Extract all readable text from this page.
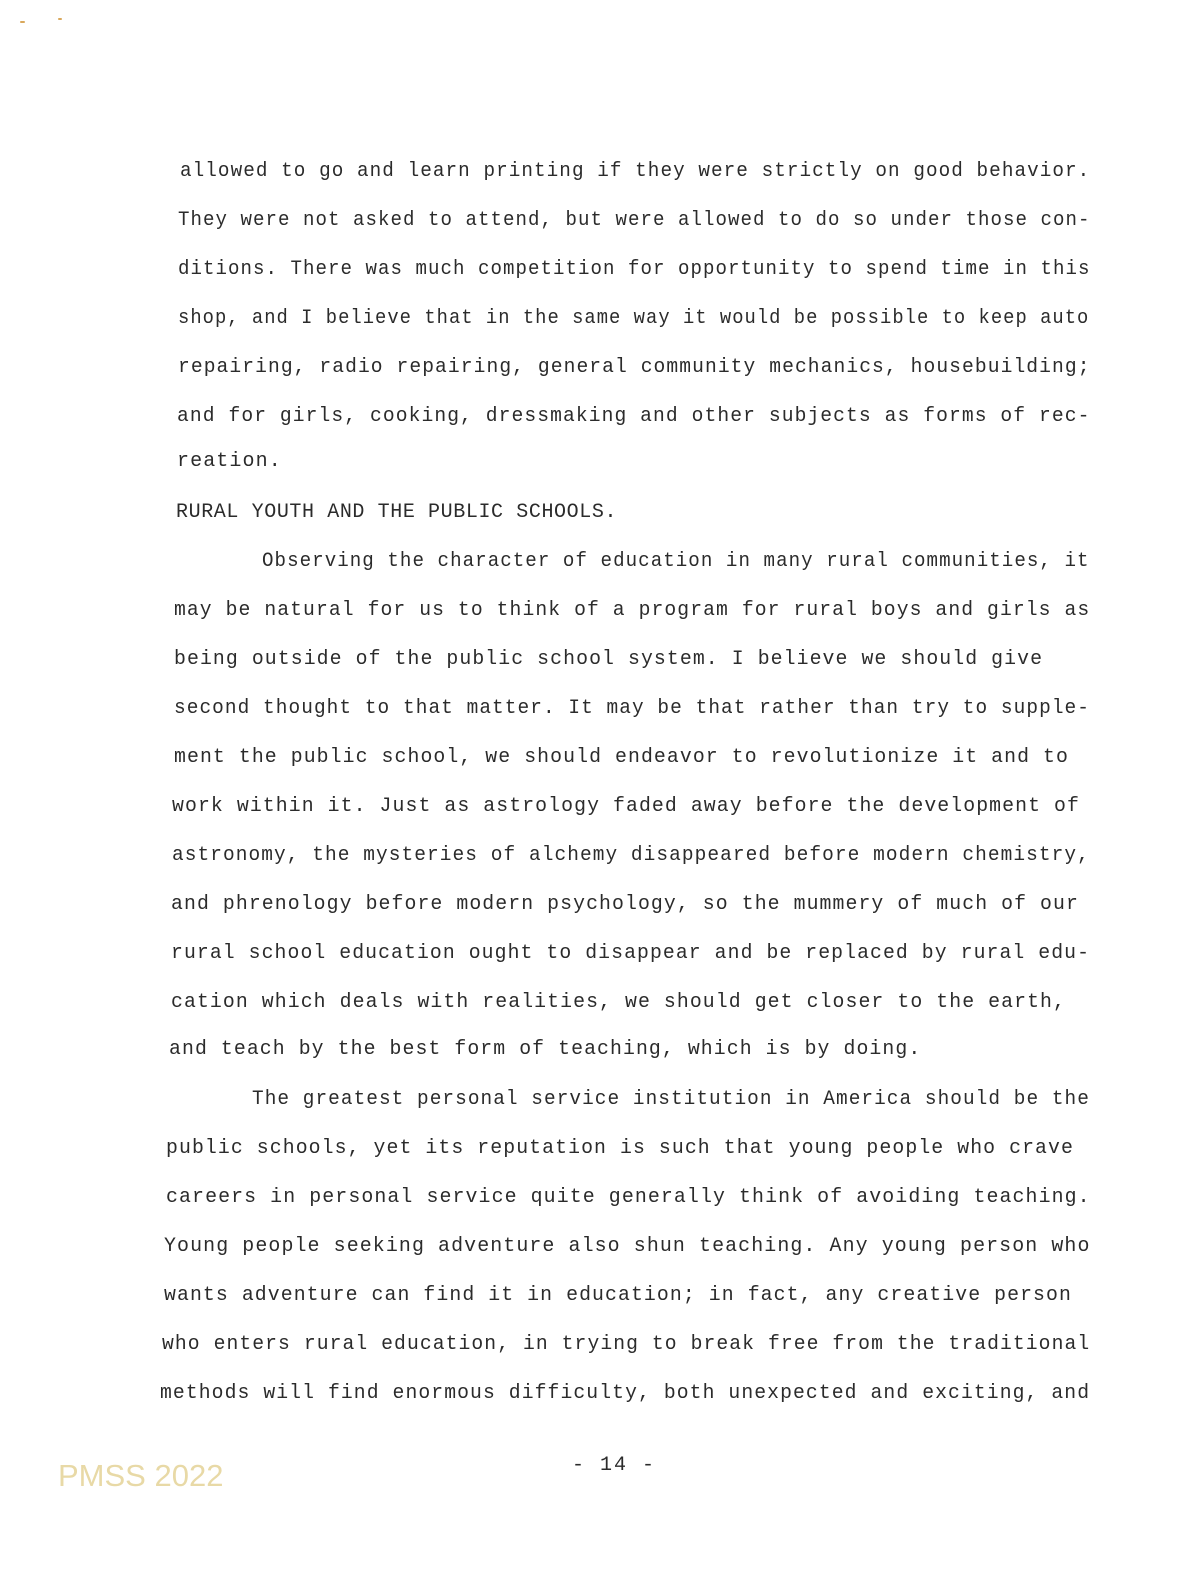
allowed to go and learn printing if they were strictly on good behavior.
They were not asked to attend, but were allowed to do so under those con-
ditions. There was much competition for opportunity to spend time in this
shop, and I believe that in the same way it would be possible to keep auto
repairing, radio repairing, general community mechanics, housebuilding;
and for girls, cooking, dressmaking and other subjects as forms of rec-
reation.
RURAL YOUTH AND THE PUBLIC SCHOOLS.
Observing the character of education in many rural communities, it
may be natural for us to think of a program for rural boys and girls as
being outside of the public school system. I believe we should give
second thought to that matter. It may be that rather than try to supple-
ment the public school, we should endeavor to revolutionize it and to
work within it. Just as astrology faded away before the development of
astronomy, the mysteries of alchemy disappeared before modern chemistry,
and phrenology before modern psychology, so the mummery of much of our
rural school education ought to disappear and be replaced by rural edu-
cation which deals with realities, we should get closer to the earth,
and teach by the best form of teaching, which is by doing.
The greatest personal service institution in America should be the
public schools, yet its reputation is such that young people who crave
careers in personal service quite generally think of avoiding teaching.
Young people seeking adventure also shun teaching. Any young person who
wants adventure can find it in education; in fact, any creative person
who enters rural education, in trying to break free from the traditional
methods will find enormous difficulty, both unexpected and exciting, and
- 14 -
PMSS 2022
